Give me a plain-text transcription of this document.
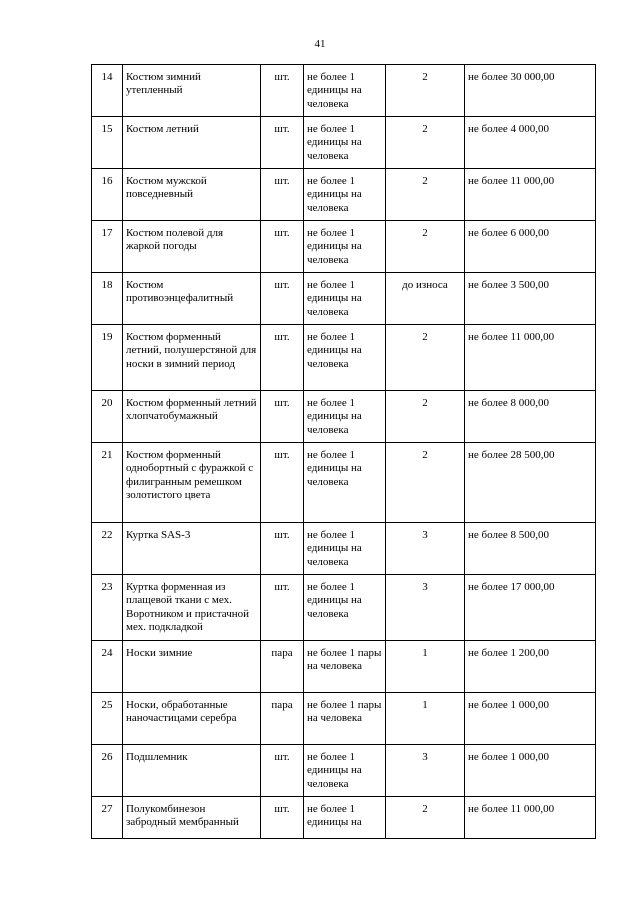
41
14	Костюм зимний утепленный	шт.	не более 1 единицы на человека	2	не более 30 000,00
15	Костюм летний	шт.	не более 1 единицы на человека	2	не более 4 000,00
16	Костюм мужской повседневный	шт.	не более 1 единицы на человека	2	не более 11 000,00
17	Костюм полевой для жаркой погоды	шт.	не более 1 единицы на человека	2	не более 6 000,00
18	Костюм противоэнцефалитный	шт.	не более 1 единицы на человека	до износа	не более 3 500,00
19	Костюм форменный летний, полушерстяной для носки в зимний период	шт.	не более 1 единицы на человека	2	не более 11 000,00
20	Костюм форменный летний хлопчатобумажный	шт.	не более 1 единицы на человека	2	не более 8 000,00
21	Костюм форменный однобортный с фуражкой с филигранным ремешком золотистого цвета	шт.	не более 1 единицы на человека	2	не более 28 500,00
22	Куртка SAS-3	шт.	не более 1 единицы на человека	3	не более 8 500,00
23	Куртка форменная из плащевой ткани с мех. Воротником и пристачной мех. подкладкой	шт.	не более 1 единицы на человека	3	не более 17 000,00
24	Носки зимние	пара	не более 1 пары на человека	1	не более 1 200,00
25	Носки, обработанные наночастицами серебра	пара	не более 1 пары на человека	1	не более 1 000,00
26	Подшлемник	шт.	не более 1 единицы на человека	3	не более 1 000,00
27	Полукомбинезон забродный мембранный	шт.	не более 1 единицы на	2	не более 11 000,00
